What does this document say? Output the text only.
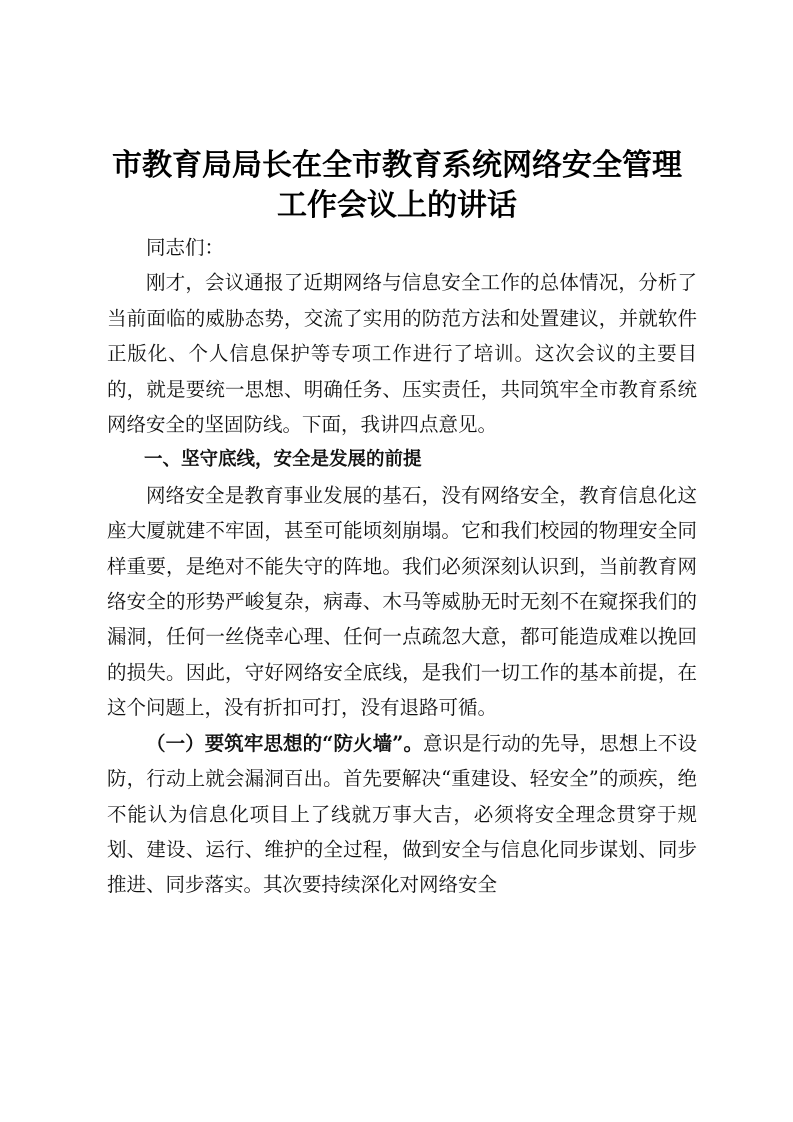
市教育局局长在全市教育系统网络安全管理工作会议上的讲话

同志们：

刚才，会议通报了近期网络与信息安全工作的总体情况，分析了当前面临的威胁态势，交流了实用的防范方法和处置建议，并就软件正版化、个人信息保护等专项工作进行了培训。这次会议的主要目的，就是要统一思想、明确任务、压实责任，共同筑牢全市教育系统网络安全的坚固防线。下面，我讲四点意见。

一、坚守底线，安全是发展的前提

网络安全是教育事业发展的基石，没有网络安全，教育信息化这座大厦就建不牢固，甚至可能顷刻崩塌。它和我们校园的物理安全同样重要，是绝对不能失守的阵地。我们必须深刻认识到，当前教育网络安全的形势严峻复杂，病毒、木马等威胁无时无刻不在窥探我们的漏洞，任何一丝侥幸心理、任何一点疏忽大意，都可能造成难以挽回的损失。因此，守好网络安全底线，是我们一切工作的基本前提，在这个问题上，没有折扣可打，没有退路可循。

（一）要筑牢思想的“防火墙”。意识是行动的先导，思想上不设防，行动上就会漏洞百出。首先要解决“重建设、轻安全”的顽疾，绝不能认为信息化项目上了线就万事大吉，必须将安全理念贯穿于规划、建设、运行、维护的全过程，做到安全与信息化同步谋划、同步推进、同步落实。其次要持续深化对网络安全
